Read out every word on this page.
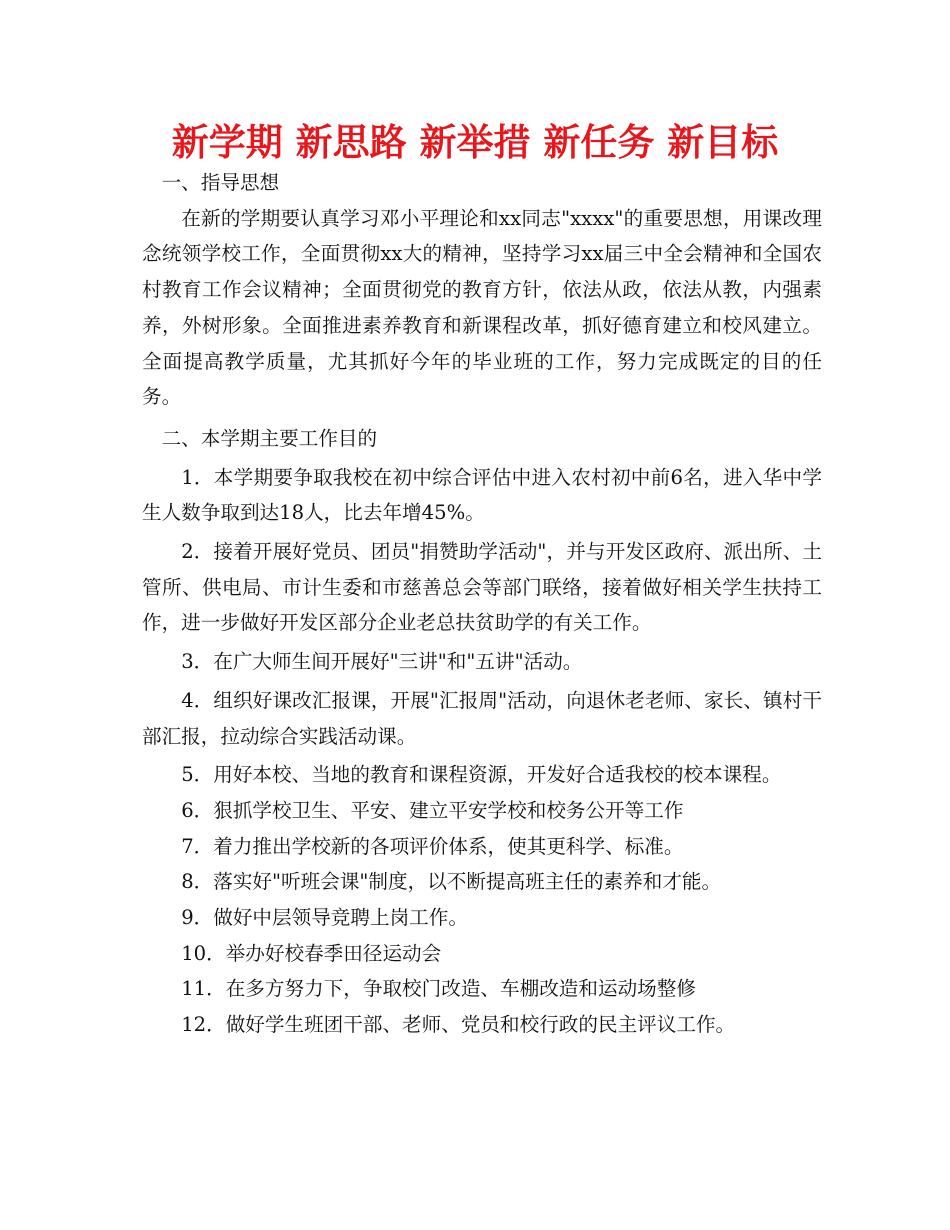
新学期 新思路 新举措 新任务 新目标

一、指导思想

在新的学期要认真学习邓小平理论和xx同志"xxxx"的重要思想，用课改理念统领学校工作，全面贯彻xx大的精神，坚持学习xx届三中全会精神和全国农村教育工作会议精神；全面贯彻党的教育方针，依法从政，依法从教，内强素养，外树形象。全面推进素养教育和新课程改革，抓好德育建立和校风建立。全面提高教学质量，尤其抓好今年的毕业班的工作，努力完成既定的目的任务。

二、本学期主要工作目的

1．本学期要争取我校在初中综合评估中进入农村初中前6名，进入华中学生人数争取到达18人，比去年增45%。

2．接着开展好党员、团员"捐赞助学活动"，并与开发区政府、派出所、土管所、供电局、市计生委和市慈善总会等部门联络，接着做好相关学生扶持工作，进一步做好开发区部分企业老总扶贫助学的有关工作。

3．在广大师生间开展好"三讲"和"五讲"活动。

4．组织好课改汇报课，开展"汇报周"活动，向退休老老师、家长、镇村干部汇报，拉动综合实践活动课。

5．用好本校、当地的教育和课程资源，开发好合适我校的校本课程。

6．狠抓学校卫生、平安、建立平安学校和校务公开等工作

7．着力推出学校新的各项评价体系，使其更科学、标准。

8．落实好"听班会课"制度，以不断提高班主任的素养和才能。

9．做好中层领导竞聘上岗工作。

10．举办好校春季田径运动会

11．在多方努力下，争取校门改造、车棚改造和运动场整修

12．做好学生班团干部、老师、党员和校行政的民主评议工作。
